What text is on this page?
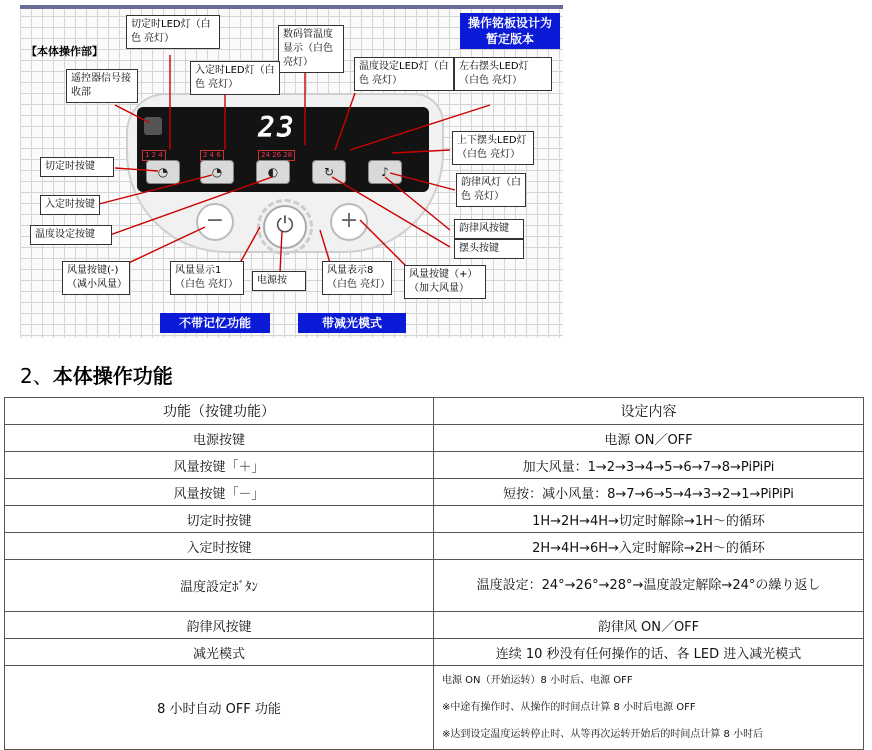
【本体操作部】
操作铭板设计为暂定版本
23
1 2 4	2 4 6	24 26 28
◔	◔	◐	↻	♪
−	⏻	+
切定时LED灯（白色 亮灯）	数码管温度显示（白色 亮灯）
入定时LED灯（白色 亮灯）
温度设定LED灯（白色 亮灯）
左右摆头LED灯（白色 亮灯）
遥控器信号接收部
上下摆头LED灯（白色 亮灯）
切定时按键
韵律风灯（白色 亮灯）
入定时按键
韵律风按键
温度设定按键
摆头按键
风量按键(-)（减小风量）
风量显示1（白色 亮灯）	电源按
风量表示8（白色 亮灯）
风量按键（+）（加大风量）
不带记忆功能	带减光模式
2、本体操作功能
功能（按键功能）	设定内容
电源按键	电源 ON／OFF
风量按键「＋」	加大风量：1→2→3→4→5→6→7→8→PiPiPi
风量按键「－」	短按：减小风量：8→7→6→5→4→3→2→1→PiPiPi
切定时按键	1H→2H→4H→切定时解除→1H～的循环
入定时按键	2H→4H→6H→入定时解除→2H～的循环
温度設定ﾎﾞﾀﾝ	温度設定：24°→26°→28°→温度設定解除→24°の繰り返し
韵律风按键	韵律风 ON／OFF
减光模式	连续 10 秒没有任何操作的话、各 LED 进入减光模式
8 小时自动 OFF 功能	电源 ON（开始运转）8 小时后、电源 OFF
※中途有操作时、从操作的时间点计算 8 小时后电源 OFF
※达到设定温度运转停止时、从等再次运转开始后的时间点计算 8 小时后
